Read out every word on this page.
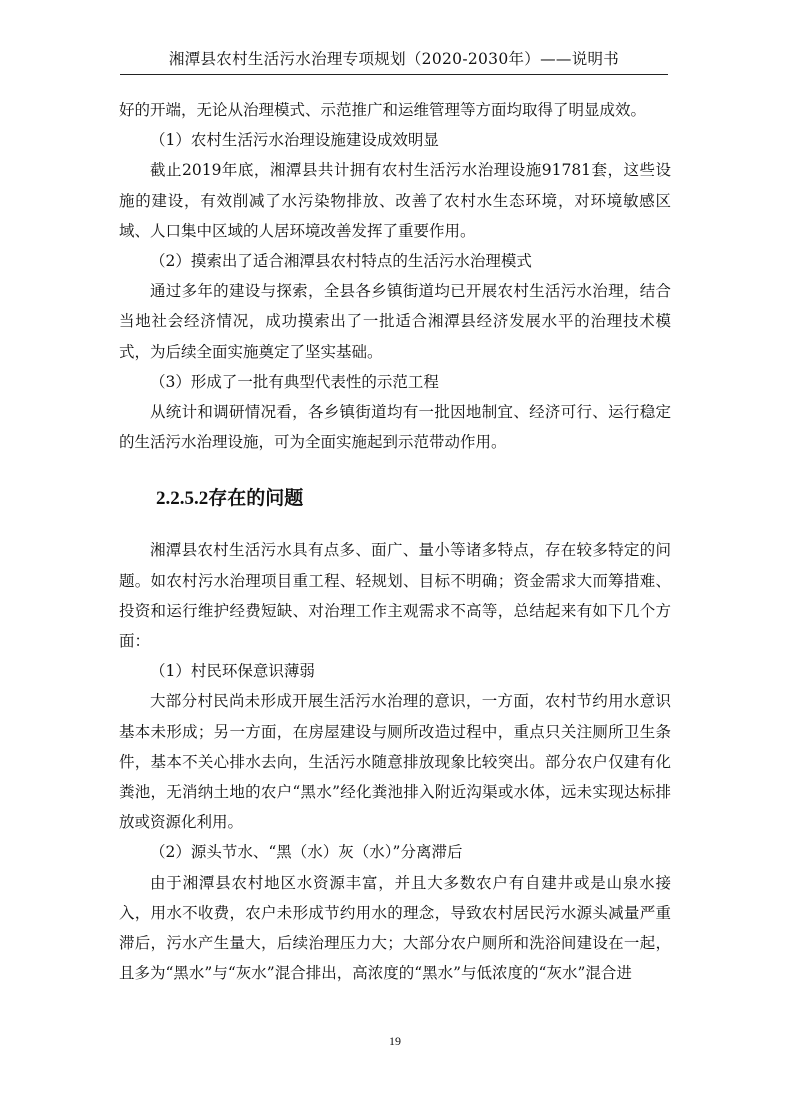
湘潭县农村生活污水治理专项规划（2020-2030年）——说明书

好的开端，无论从治理模式、示范推广和运维管理等方面均取得了明显成效。

（1）农村生活污水治理设施建设成效明显

截止2019年底，湘潭县共计拥有农村生活污水治理设施91781套，这些设施的建设，有效削减了水污染物排放、改善了农村水生态环境，对环境敏感区域、人口集中区域的人居环境改善发挥了重要作用。

（2）摸索出了适合湘潭县农村特点的生活污水治理模式

通过多年的建设与探索，全县各乡镇街道均已开展农村生活污水治理，结合当地社会经济情况，成功摸索出了一批适合湘潭县经济发展水平的治理技术模式，为后续全面实施奠定了坚实基础。

（3）形成了一批有典型代表性的示范工程

从统计和调研情况看，各乡镇街道均有一批因地制宜、经济可行、运行稳定的生活污水治理设施，可为全面实施起到示范带动作用。

2.2.5.2存在的问题

湘潭县农村生活污水具有点多、面广、量小等诸多特点，存在较多特定的问题。如农村污水治理项目重工程、轻规划、目标不明确；资金需求大而筹措难、投资和运行维护经费短缺、对治理工作主观需求不高等，总结起来有如下几个方面：

（1）村民环保意识薄弱

大部分村民尚未形成开展生活污水治理的意识，一方面，农村节约用水意识基本未形成；另一方面，在房屋建设与厕所改造过程中，重点只关注厕所卫生条件，基本不关心排水去向，生活污水随意排放现象比较突出。部分农户仅建有化粪池，无消纳土地的农户“黑水”经化粪池排入附近沟渠或水体，远未实现达标排放或资源化利用。

（2）源头节水、“黑（水）灰（水）”分离滞后

由于湘潭县农村地区水资源丰富，并且大多数农户有自建井或是山泉水接入，用水不收费，农户未形成节约用水的理念，导致农村居民污水源头减量严重滞后，污水产生量大，后续治理压力大；大部分农户厕所和洗浴间建设在一起，且多为“黑水”与“灰水”混合排出，高浓度的“黑水”与低浓度的“灰水”混合进

19
